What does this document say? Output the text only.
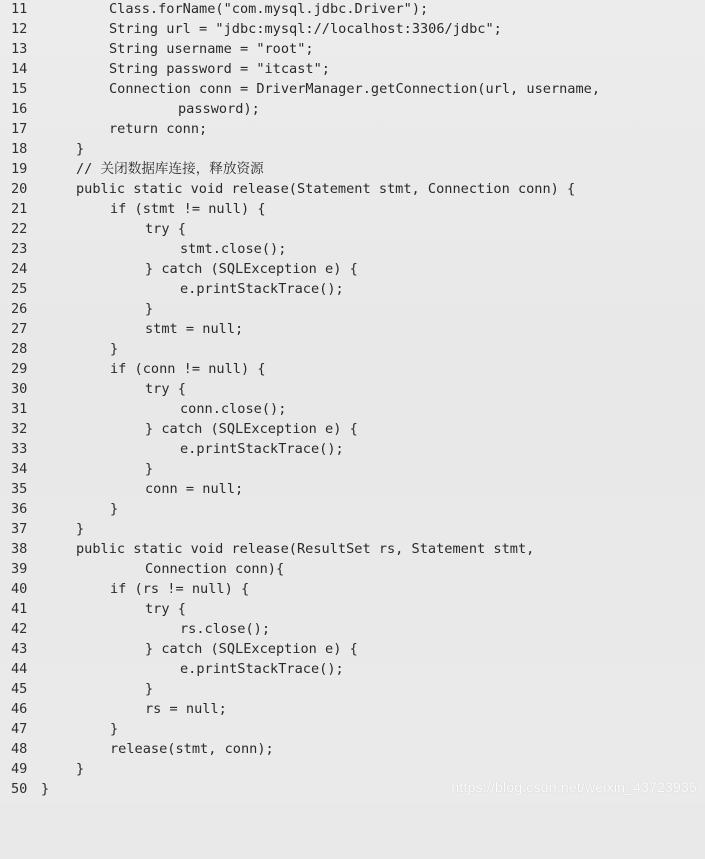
11

	Class.forName("com.mysql.jdbc.Driver");

12

	String url = "jdbc:mysql://localhost:3306/jdbc";

13

	String username = "root";

14

	String password = "itcast";

15

	Connection conn = DriverManager.getConnection(url, username,

16

	password);

17

	return conn;

18

	}

19

	// 关闭数据库连接，释放资源

20

	public static void release(Statement stmt, Connection conn) {

21

	if (stmt != null) {

22

	try {

23

	stmt.close();

24

	} catch (SQLException e) {

25

	e.printStackTrace();

26

	}

27

	stmt = null;

28

	}

29

	if (conn != null) {

30

	try {

31

	conn.close();

32

	} catch (SQLException e) {

33

	e.printStackTrace();

34

	}

35

	conn = null;

36

	}

37

	}

38

	public static void release(ResultSet rs, Statement stmt,

39

	Connection conn){

40

	if (rs != null) {

41

	try {

42

	rs.close();

43

	} catch (SQLException e) {

44

	e.printStackTrace();

45

	}

46

	rs = null;

47

	}

48

	release(stmt, conn);

49

	}

50

	}

	https://blog.csdn.net/weixin_43723935
